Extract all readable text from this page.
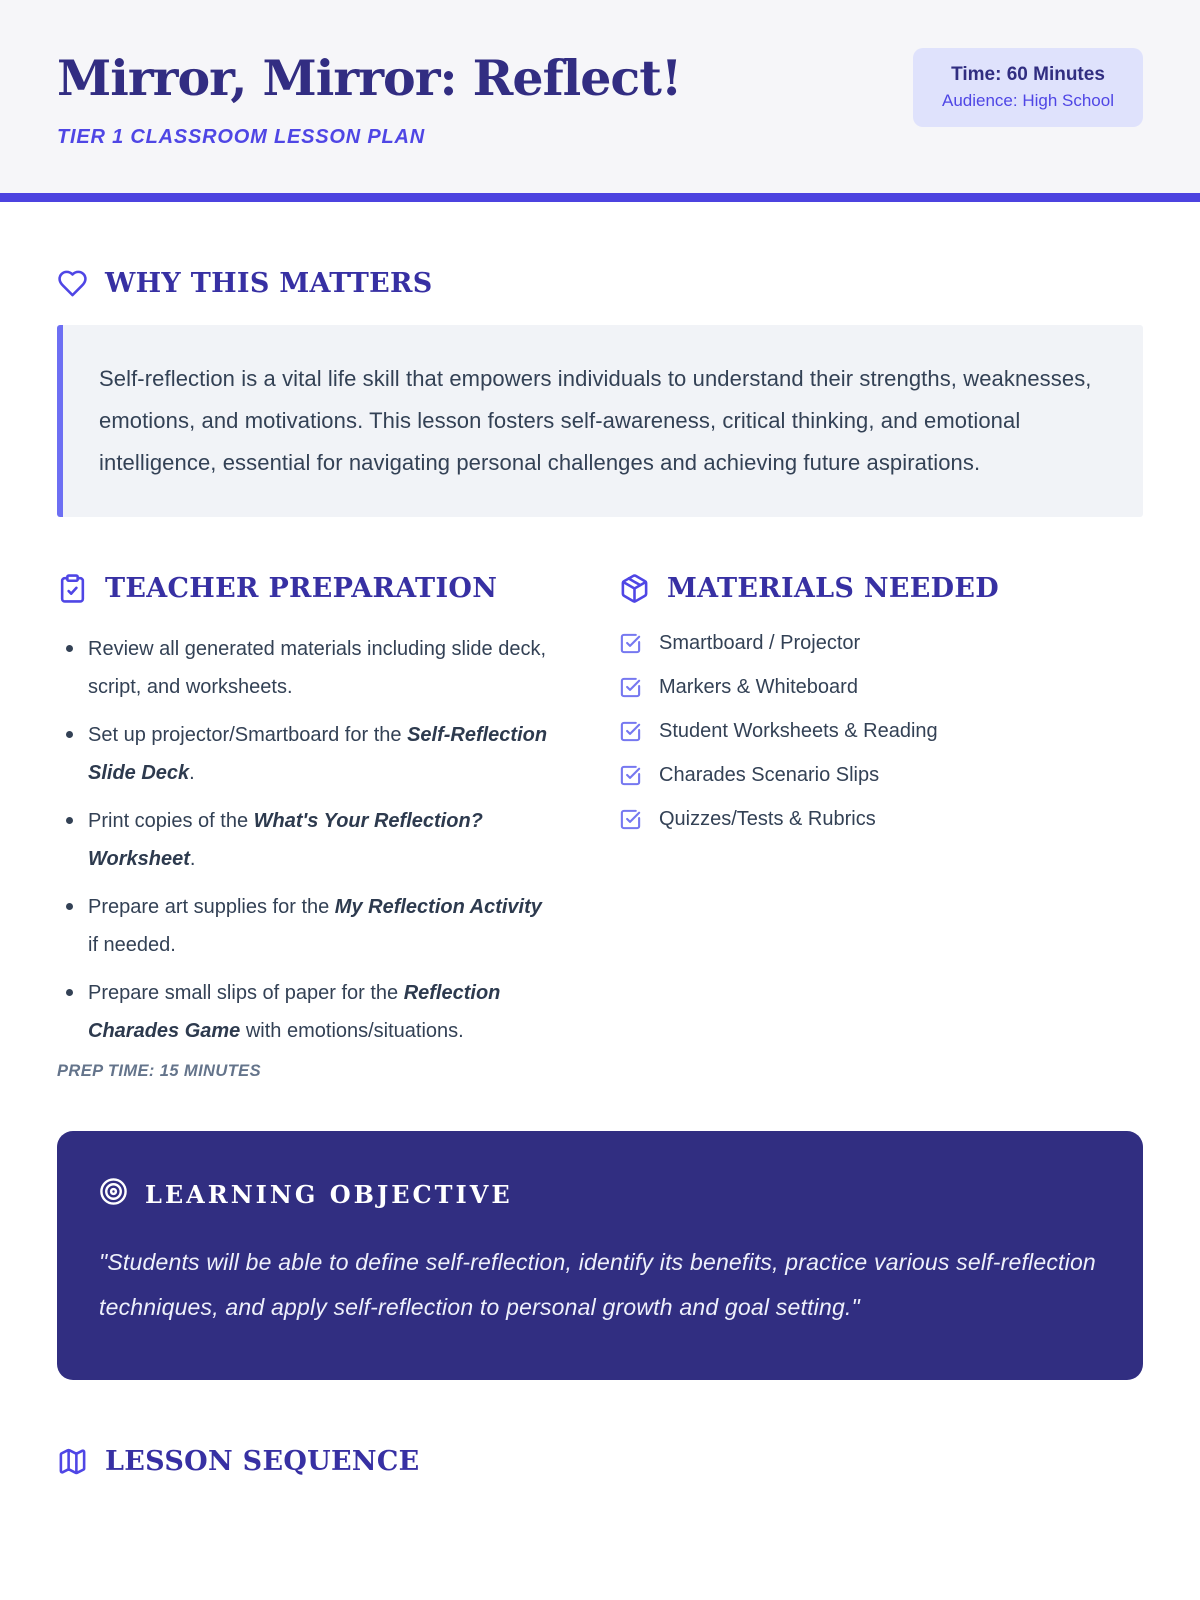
Mirror, Mirror: Reflect!
TIER 1 CLASSROOM LESSON PLAN
Time: 60 Minutes
Audience: High School
WHY THIS MATTERS
Self-reflection is a vital life skill that empowers individuals to understand their strengths, weaknesses, emotions, and motivations. This lesson fosters self-awareness, critical thinking, and emotional intelligence, essential for navigating personal challenges and achieving future aspirations.
TEACHER PREPARATION
Review all generated materials including slide deck, script, and worksheets.
Set up projector/Smartboard for the Self-Reflection Slide Deck.
Print copies of the What's Your Reflection? Worksheet.
Prepare art supplies for the My Reflection Activity if needed.
Prepare small slips of paper for the Reflection Charades Game with emotions/situations.
PREP TIME: 15 MINUTES
MATERIALS NEEDED
Smartboard / Projector
Markers & Whiteboard
Student Worksheets & Reading
Charades Scenario Slips
Quizzes/Tests & Rubrics
LEARNING OBJECTIVE
"Students will be able to define self-reflection, identify its benefits, practice various self-reflection techniques, and apply self-reflection to personal growth and goal setting."
LESSON SEQUENCE
